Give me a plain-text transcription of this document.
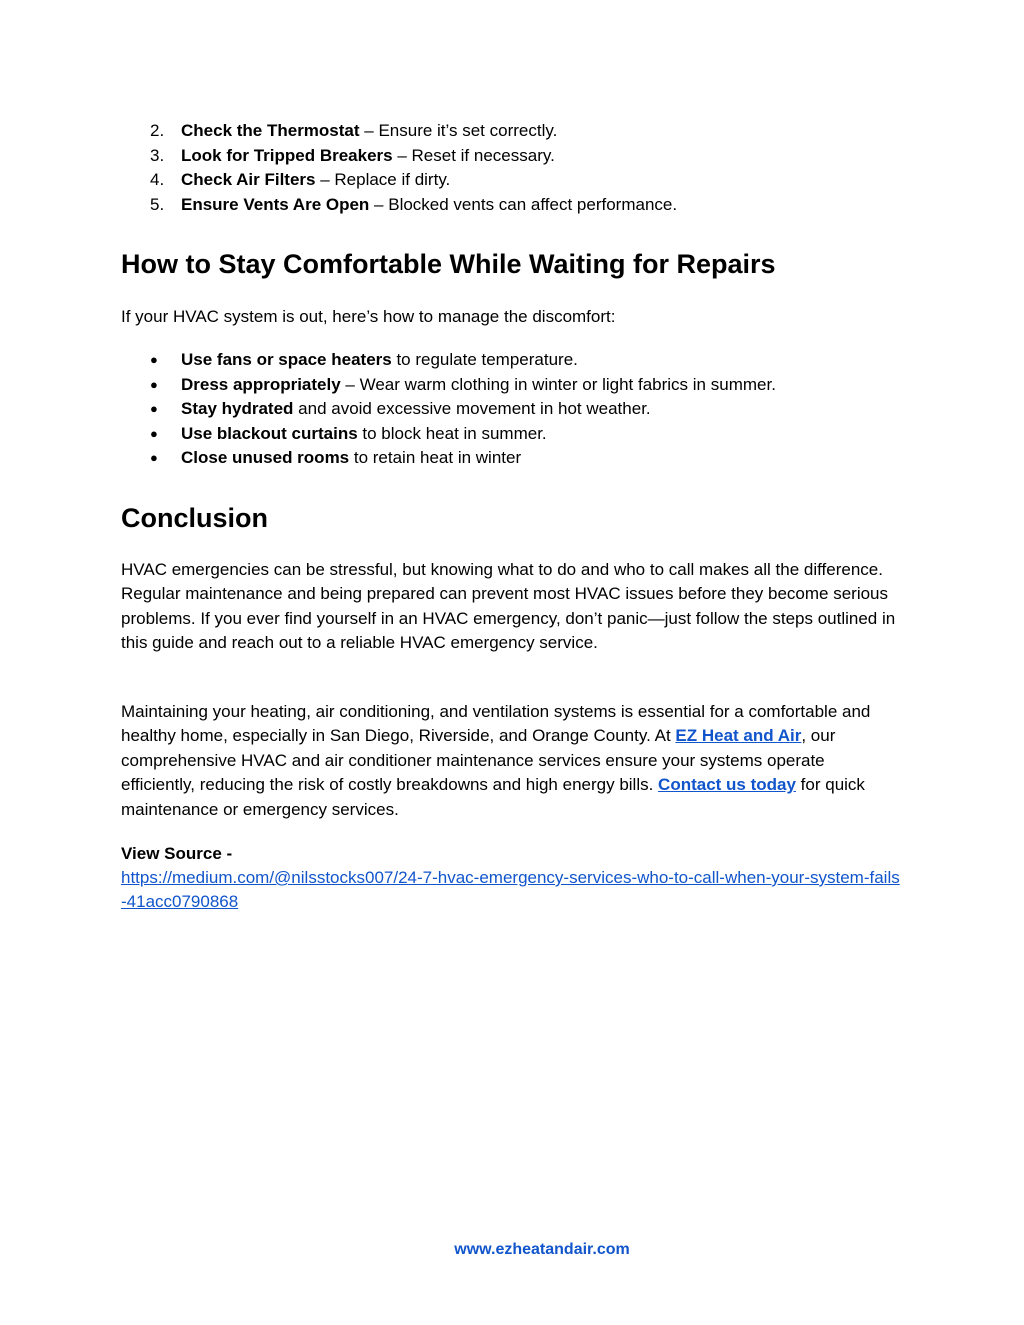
2. Check the Thermostat – Ensure it’s set correctly.
3. Look for Tripped Breakers – Reset if necessary.
4. Check Air Filters – Replace if dirty.
5. Ensure Vents Are Open – Blocked vents can affect performance.
How to Stay Comfortable While Waiting for Repairs
If your HVAC system is out, here’s how to manage the discomfort:
● Use fans or space heaters to regulate temperature.
● Dress appropriately – Wear warm clothing in winter or light fabrics in summer.
● Stay hydrated and avoid excessive movement in hot weather.
● Use blackout curtains to block heat in summer.
● Close unused rooms to retain heat in winter
Conclusion

HVAC emergencies can be stressful, but knowing what to do and who to call makes all the difference. Regular maintenance and being prepared can prevent most HVAC issues before they become serious problems. If you ever find yourself in an HVAC emergency, don’t panic—just follow the steps outlined in this guide and reach out to a reliable HVAC emergency service.

Maintaining your heating, air conditioning, and ventilation systems is essential for a comfortable and healthy home, especially in San Diego, Riverside, and Orange County. At EZ Heat and Air, our comprehensive HVAC and air conditioner maintenance services ensure your systems operate efficiently, reducing the risk of costly breakdowns and high energy bills. Contact us today for quick maintenance or emergency services.

View Source -
https://medium.com/@nilsstocks007/24-7-hvac-emergency-services-who-to-call-when-your-system-fails-41acc0790868
www.ezheatandair.com
